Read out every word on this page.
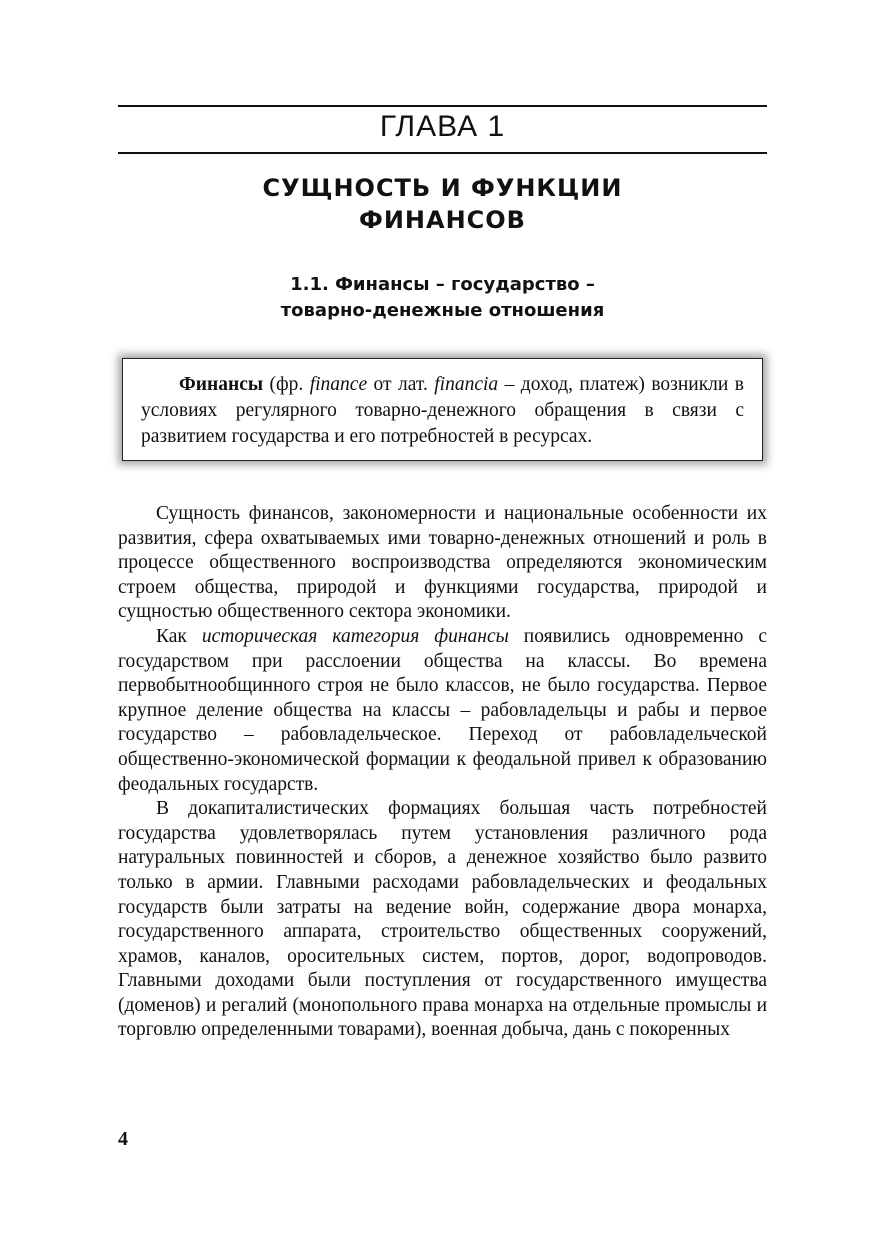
ГЛАВА 1
СУЩНОСТЬ И ФУНКЦИИ
ФИНАНСОВ
1.1. Финансы – государство –
товарно-денежные отношения
Финансы (фр. finance от лат. financia – доход, платеж) возникли в условиях регулярного товарно-денежного обращения в связи с развитием государства и его потребностей в ресурсах.

Сущность финансов, закономерности и национальные особенности их развития, сфера охватываемых ими товарно-денежных отношений и роль в процессе общественного воспроизводства определяются экономическим строем общества, природой и функциями государства, природой и сущностью общественного сектора экономики.

Как историческая категория финансы появились одновременно с государством при расслоении общества на классы. Во времена первобытнообщинного строя не было классов, не было государства. Первое крупное деление общества на классы – рабовладельцы и рабы и первое государство – рабовладельческое. Переход от рабовладельческой общественно-экономической формации к феодальной привел к образованию феодальных государств.

В докапиталистических формациях большая часть потребностей государства удовлетворялась путем установления различного рода натуральных повинностей и сборов, а денежное хозяйство было развито только в армии. Главными расходами рабовладельческих и феодальных государств были затраты на ведение войн, содержание двора монарха, государственного аппарата, строительство общественных сооружений, храмов, каналов, оросительных систем, портов, дорог, водопроводов. Главными доходами были поступления от государственного имущества (доменов) и регалий (монопольного права монарха на отдельные промыслы и торговлю определенными товарами), военная добыча, дань с покоренных

4
